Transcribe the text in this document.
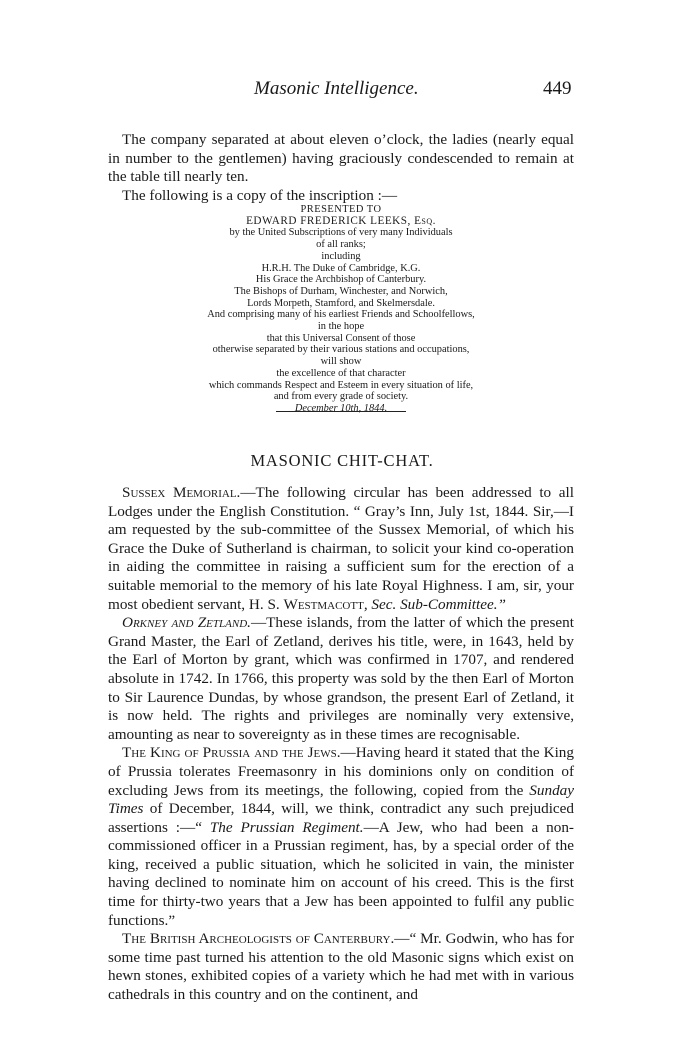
Masonic Intelligence.	449

The company separated at about eleven o’clock, the ladies (nearly equal in number to the gentlemen) having graciously condescended to remain at the table till nearly ten.

The following is a copy of the inscription :—

PRESENTED TO
EDWARD FREDERICK LEEKS, Esq.
by the United Subscriptions of very many Individuals
of all ranks;
including
H.R.H. The Duke of Cambridge, K.G.
His Grace the Archbishop of Canterbury.
The Bishops of Durham, Winchester, and Norwich,
Lords Morpeth, Stamford, and Skelmersdale.
And comprising many of his earliest Friends and Schoolfellows,
in the hope
that this Universal Consent of those
otherwise separated by their various stations and occupations,
will show
the excellence of that character
which commands Respect and Esteem in every situation of life,
and from every grade of society.
December 10th, 1844.
MASONIC CHIT-CHAT.

Sussex Memorial.—The following circular has been addressed to all Lodges under the English Constitution. “ Gray’s Inn, July 1st, 1844. Sir,—I am requested by the sub-committee of the Sussex Memorial, of which his Grace the Duke of Sutherland is chairman, to solicit your kind co-operation in aiding the committee in raising a sufficient sum for the erection of a suitable memorial to the memory of his late Royal Highness. I am, sir, your most obedient servant, H. S. Westmacott, Sec. Sub-Committee.”

Orkney and Zetland.—These islands, from the latter of which the present Grand Master, the Earl of Zetland, derives his title, were, in 1643, held by the Earl of Morton by grant, which was confirmed in 1707, and rendered absolute in 1742. In 1766, this property was sold by the then Earl of Morton to Sir Laurence Dundas, by whose grandson, the present Earl of Zetland, it is now held. The rights and privileges are nominally very extensive, amounting as near to sovereignty as in these times are recognisable.

The King of Prussia and the Jews.—Having heard it stated that the King of Prussia tolerates Freemasonry in his dominions only on condition of excluding Jews from its meetings, the following, copied from the Sunday Times of December, 1844, will, we think, contradict any such prejudiced assertions :—“ The Prussian Regiment.—A Jew, who had been a non-commissioned officer in a Prussian regiment, has, by a special order of the king, received a public situation, which he solicited in vain, the minister having declined to nominate him on account of his creed. This is the first time for thirty-two years that a Jew has been appointed to fulfil any public functions.”

The British Archeologists of Canterbury.—“ Mr. Godwin, who has for some time past turned his attention to the old Masonic signs which exist on hewn stones, exhibited copies of a variety which he had met with in various cathedrals in this country and on the continent, and
